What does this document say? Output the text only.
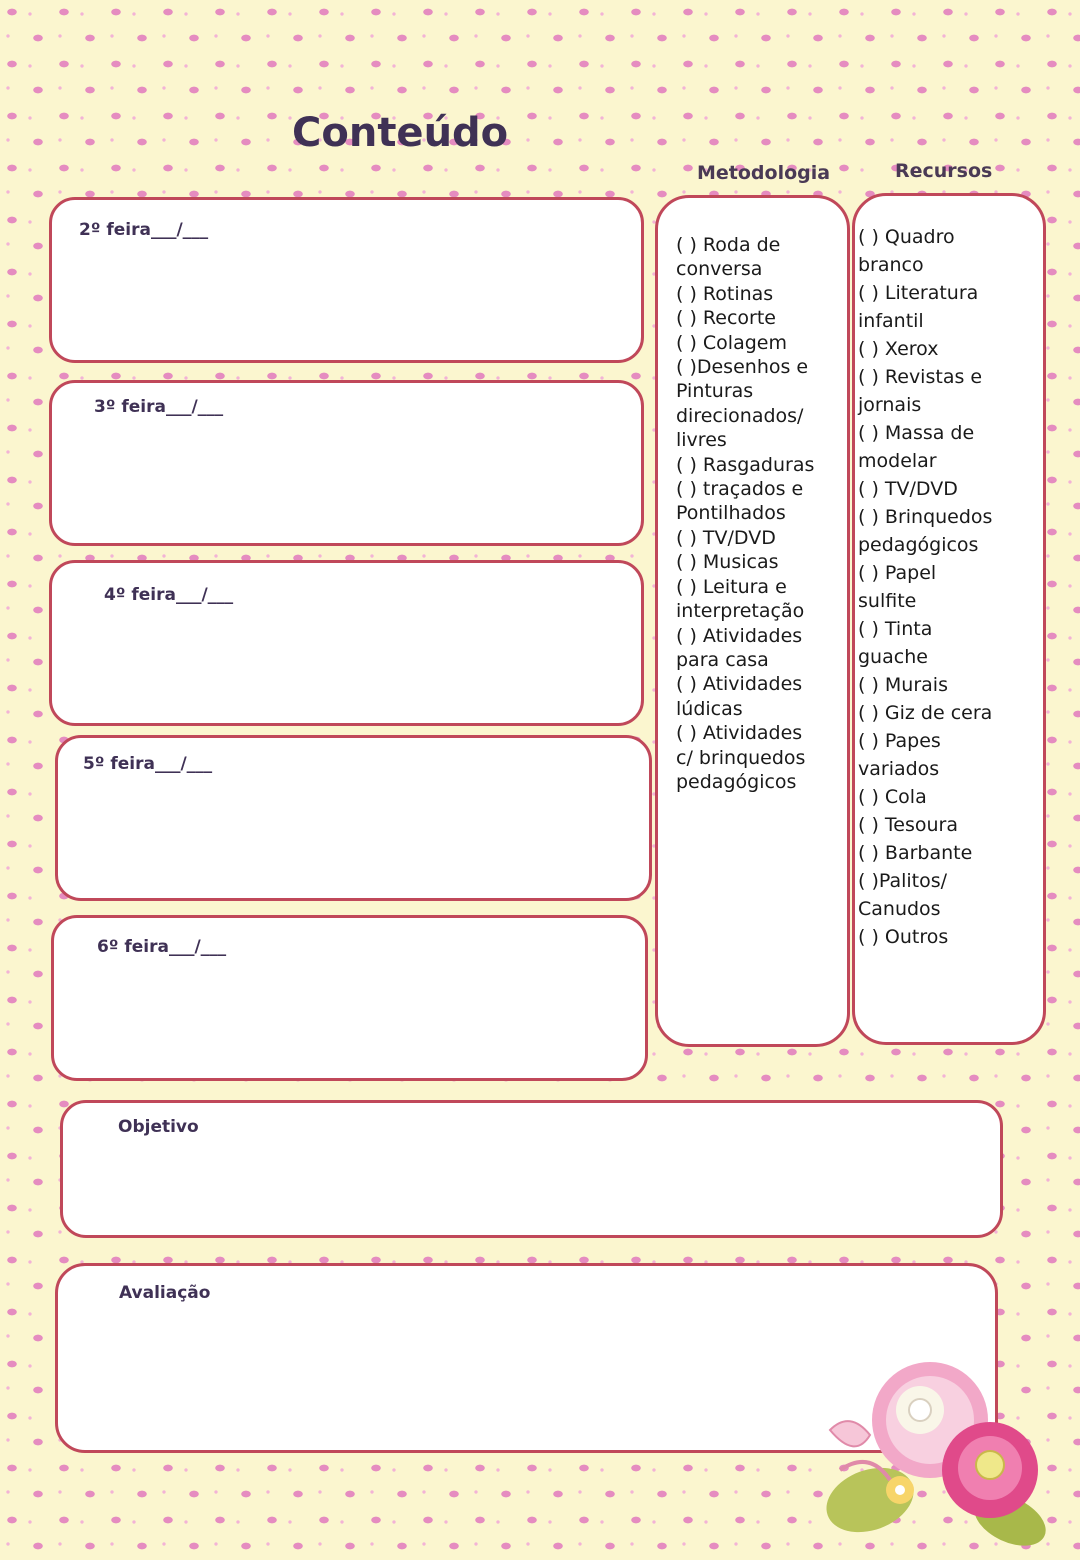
Conteúdo
Metodologia	Recursos
2º feira___/___
3º feira___/___
4º feira___/___
5º feira___/___
6º feira___/___
( ) Roda de
conversa
( ) Rotinas
( ) Recorte
( ) Colagem
( )Desenhos e
Pinturas
direcionados/
livres
( ) Rasgaduras
( ) traçados e
Pontilhados
( ) TV/DVD
( ) Musicas
( ) Leitura e
interpretação
( ) Atividades
para casa
( ) Atividades
lúdicas
( ) Atividades
c/ brinquedos
pedagógicos
( ) Quadro
branco
( ) Literatura
infantil
( ) Xerox
( ) Revistas e
jornais
( ) Massa de
modelar
( ) TV/DVD
( ) Brinquedos
pedagógicos
( ) Papel
sulfite
( ) Tinta
guache
( ) Murais
( ) Giz de cera
( ) Papes
variados
( ) Cola
( ) Tesoura
( ) Barbante
( )Palitos/
Canudos
( ) Outros
Objetivo
Avaliação
